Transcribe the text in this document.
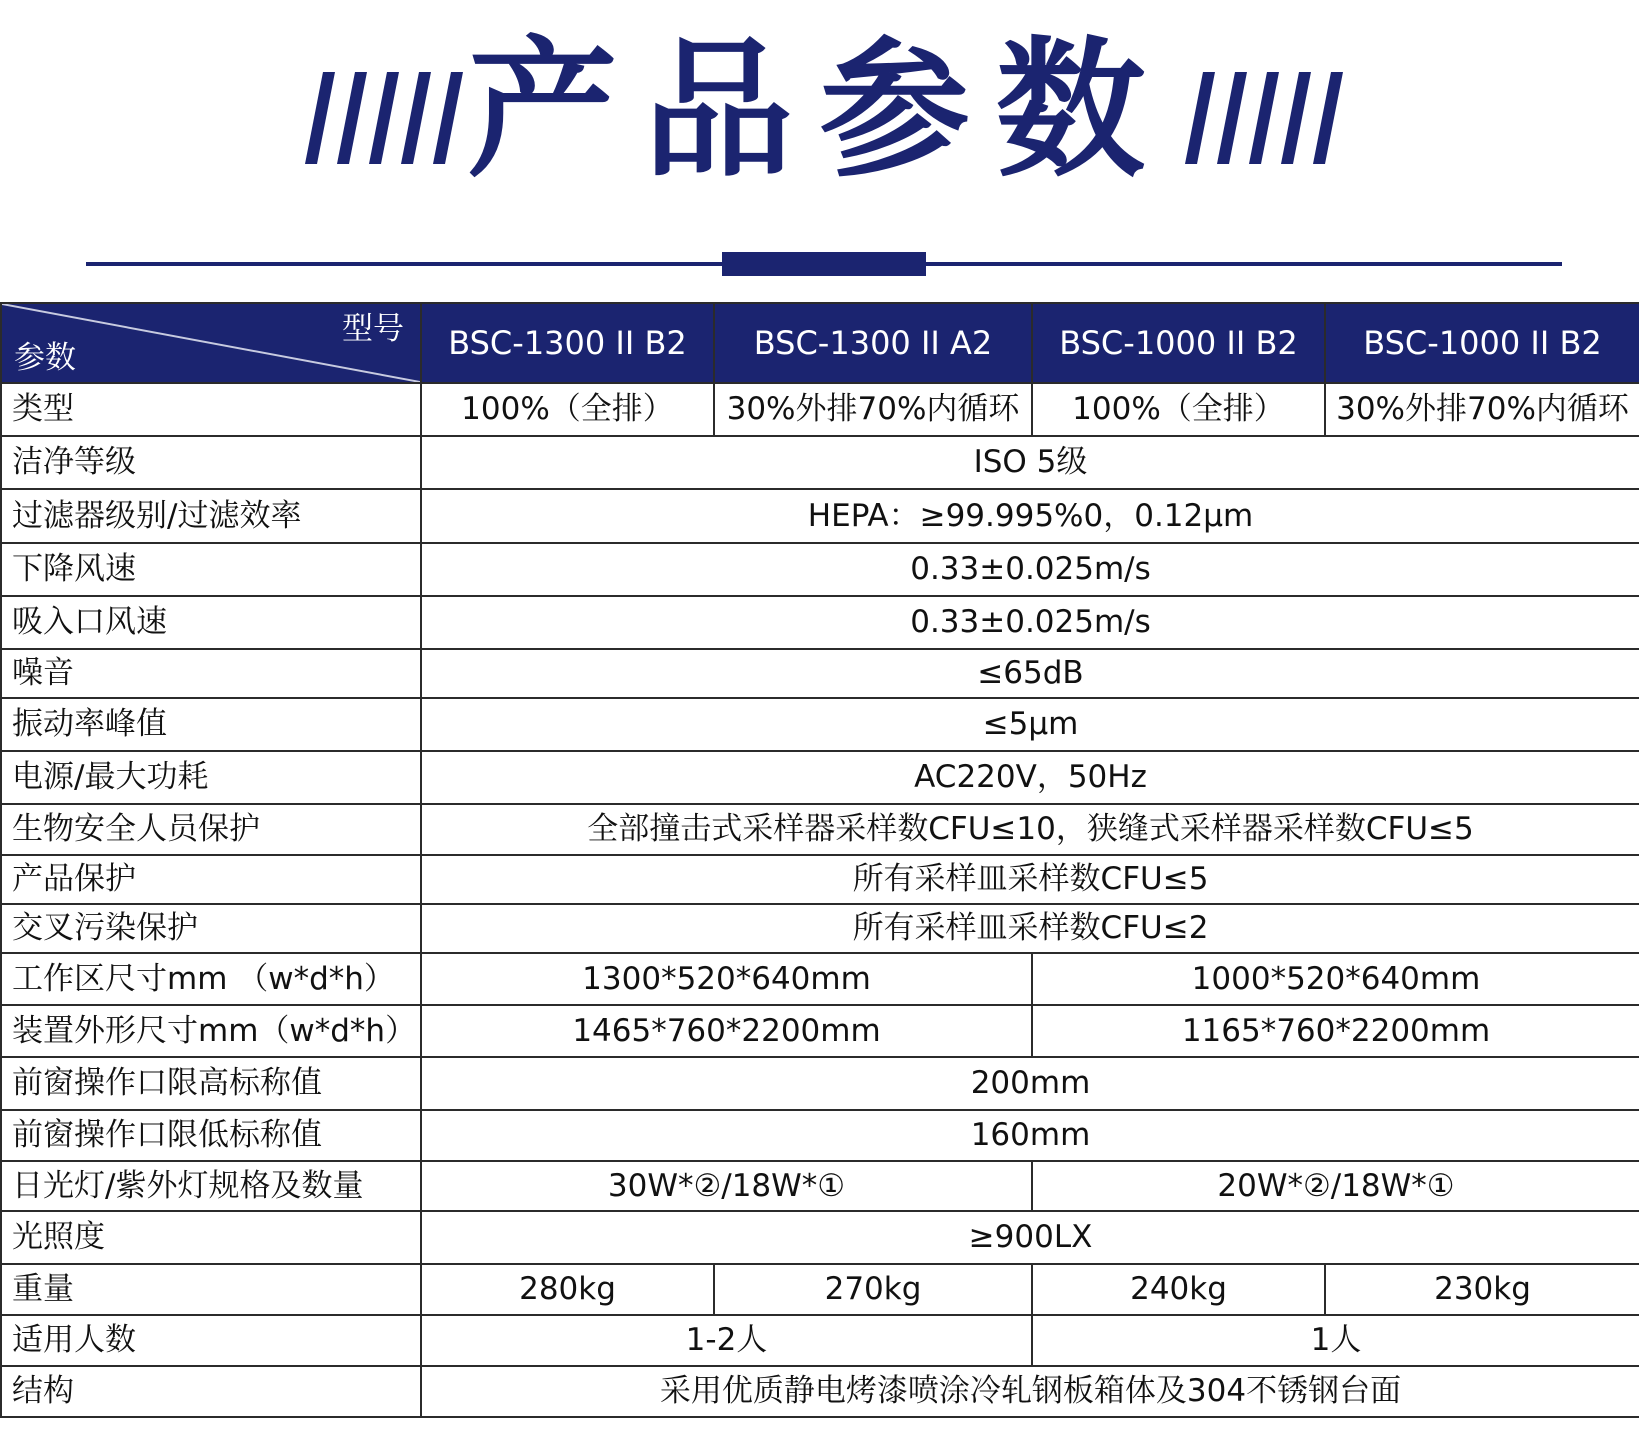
产品参数
型号
参数	BSC-1300 II B2	BSC-1300 II A2	BSC-1000 II B2	BSC-1000 II B2
类型	100%（全排）	30%外排70%内循环	100%（全排）	30%外排70%内循环
洁净等级	ISO 5级			
过滤器级别/过滤效率	HEPA：≥99.995%0，0.12μm			
下降风速	0.33±0.025m/s			
吸入口风速	0.33±0.025m/s			
噪音	≤65dB			
振动率峰值	≤5μm			
电源/最大功耗	AC220V，50Hz			
生物安全人员保护	全部撞击式采样器采样数CFU≤10，狭缝式采样器采样数CFU≤5			
产品保护	所有采样皿采样数CFU≤5			
交叉污染保护	所有采样皿采样数CFU≤2			
工作区尺寸mm （w*d*h）	1300*520*640mm		1000*520*640mm	
装置外形尺寸mm（w*d*h）	1465*760*2200mm		1165*760*2200mm	
前窗操作口限高标称值	200mm			
前窗操作口限低标称值	160mm			
日光灯/紫外灯规格及数量	30W*②/18W*①		20W*②/18W*①	
光照度	≥900LX			
重量	280kg	270kg	240kg	230kg
适用人数	1-2人		1人	
结构	采用优质静电烤漆喷涂冷轧钢板箱体及304不锈钢台面			
